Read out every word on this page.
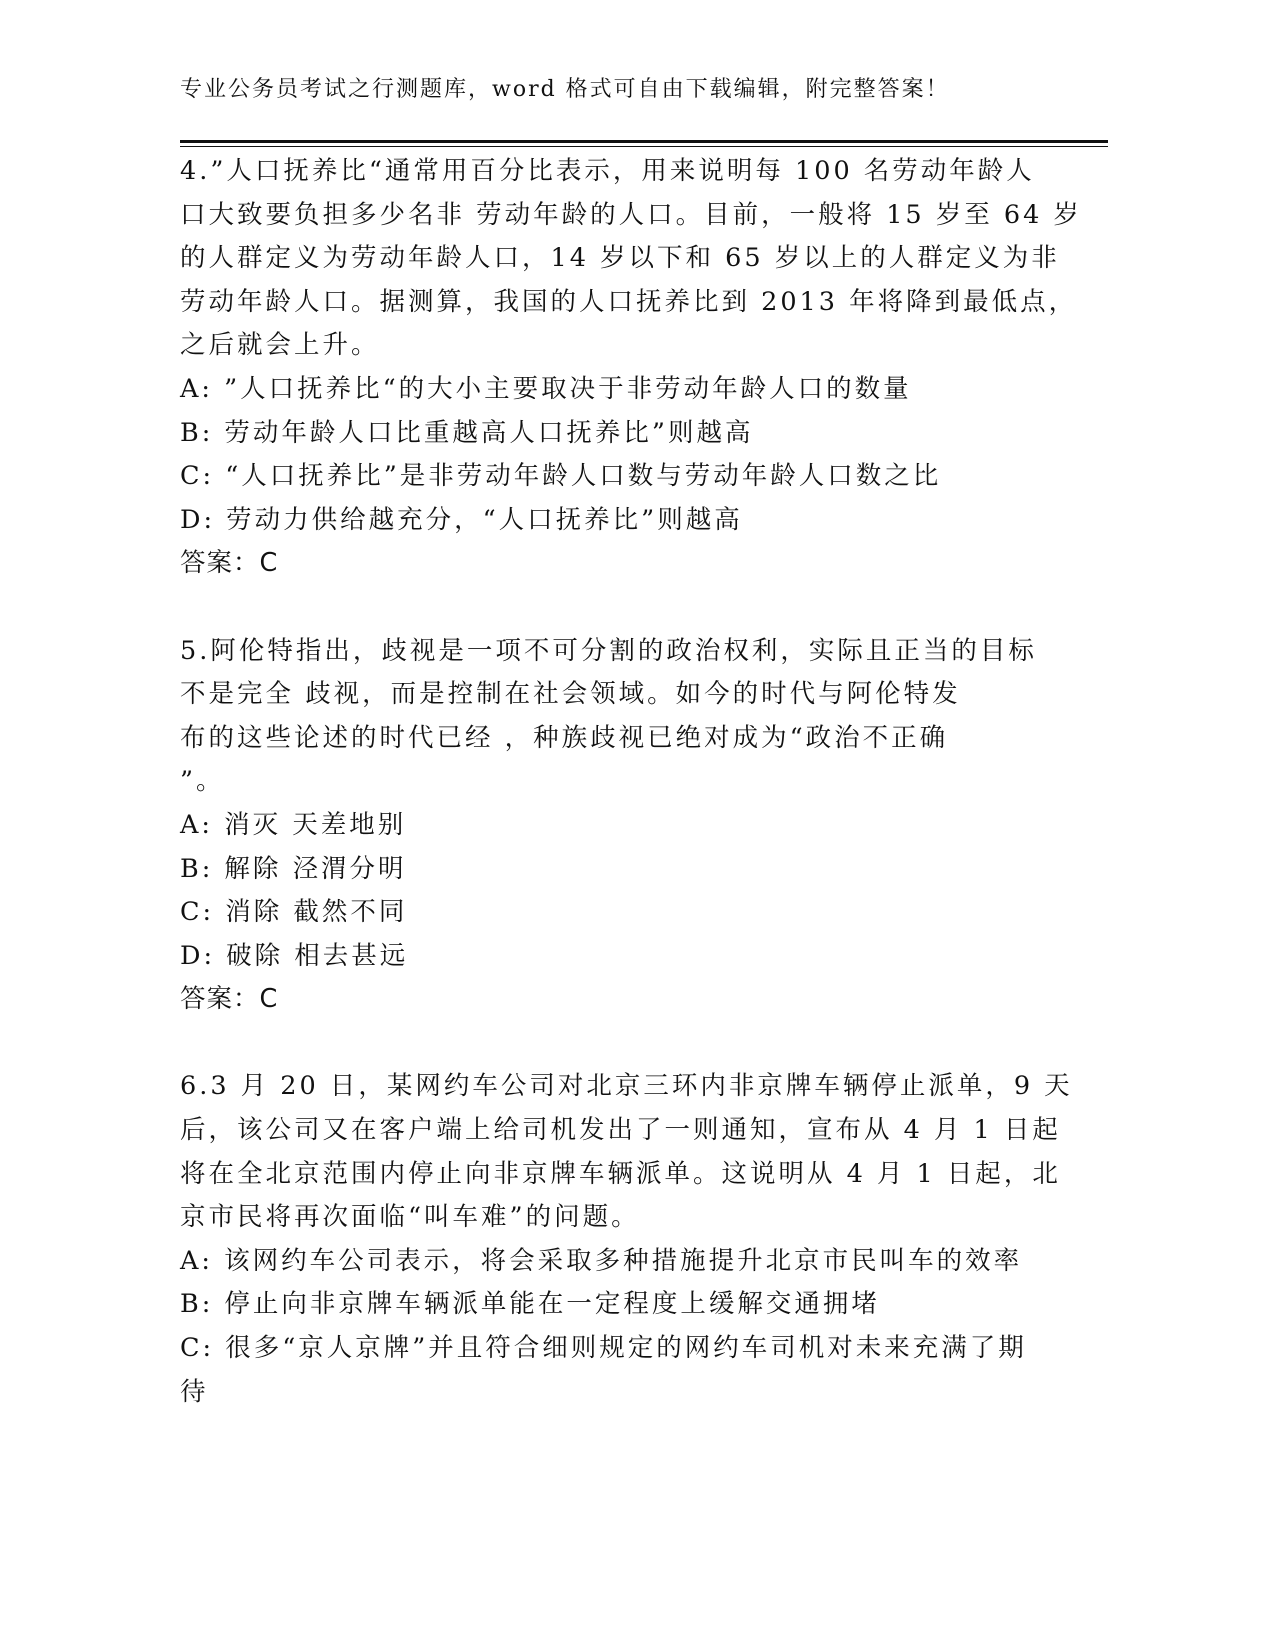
专业公务员考试之行测题库，word 格式可自由下载编辑，附完整答案！
4.”人口抚养比“通常用百分比表示，用来说明每 100 名劳动年龄人
口大致要负担多少名非 劳动年龄的人口。目前，一般将 15 岁至 64 岁
的人群定义为劳动年龄人口，14 岁以下和 65 岁以上的人群定义为非
劳动年龄人口。据测算，我国的人口抚养比到 2013 年将降到最低点，
之后就会上升。
A: ”人口抚养比“的大小主要取决于非劳动年龄人口的数量
B: 劳动年龄人口比重越高人口抚养比”则越高
C: “人口抚养比”是非劳动年龄人口数与劳动年龄人口数之比
D: 劳动力供给越充分，“人口抚养比”则越高
答案：C
5.阿伦特指出，歧视是一项不可分割的政治权利，实际且正当的目标
不是完全 歧视，而是控制在社会领域。如今的时代与阿伦特发
布的这些论述的时代已经 ，种族歧视已绝对成为“政治不正确
”。
A: 消灭 天差地别
B: 解除 泾渭分明
C: 消除 截然不同
D: 破除 相去甚远
答案：C
6.3 月 20 日，某网约车公司对北京三环内非京牌车辆停止派单，9 天
后，该公司又在客户端上给司机发出了一则通知，宣布从 4 月 1 日起
将在全北京范围内停止向非京牌车辆派单。这说明从 4 月 1 日起，北
京市民将再次面临“叫车难”的问题。
A: 该网约车公司表示，将会采取多种措施提升北京市民叫车的效率
B: 停止向非京牌车辆派单能在一定程度上缓解交通拥堵
C: 很多“京人京牌”并且符合细则规定的网约车司机对未来充满了期
待
